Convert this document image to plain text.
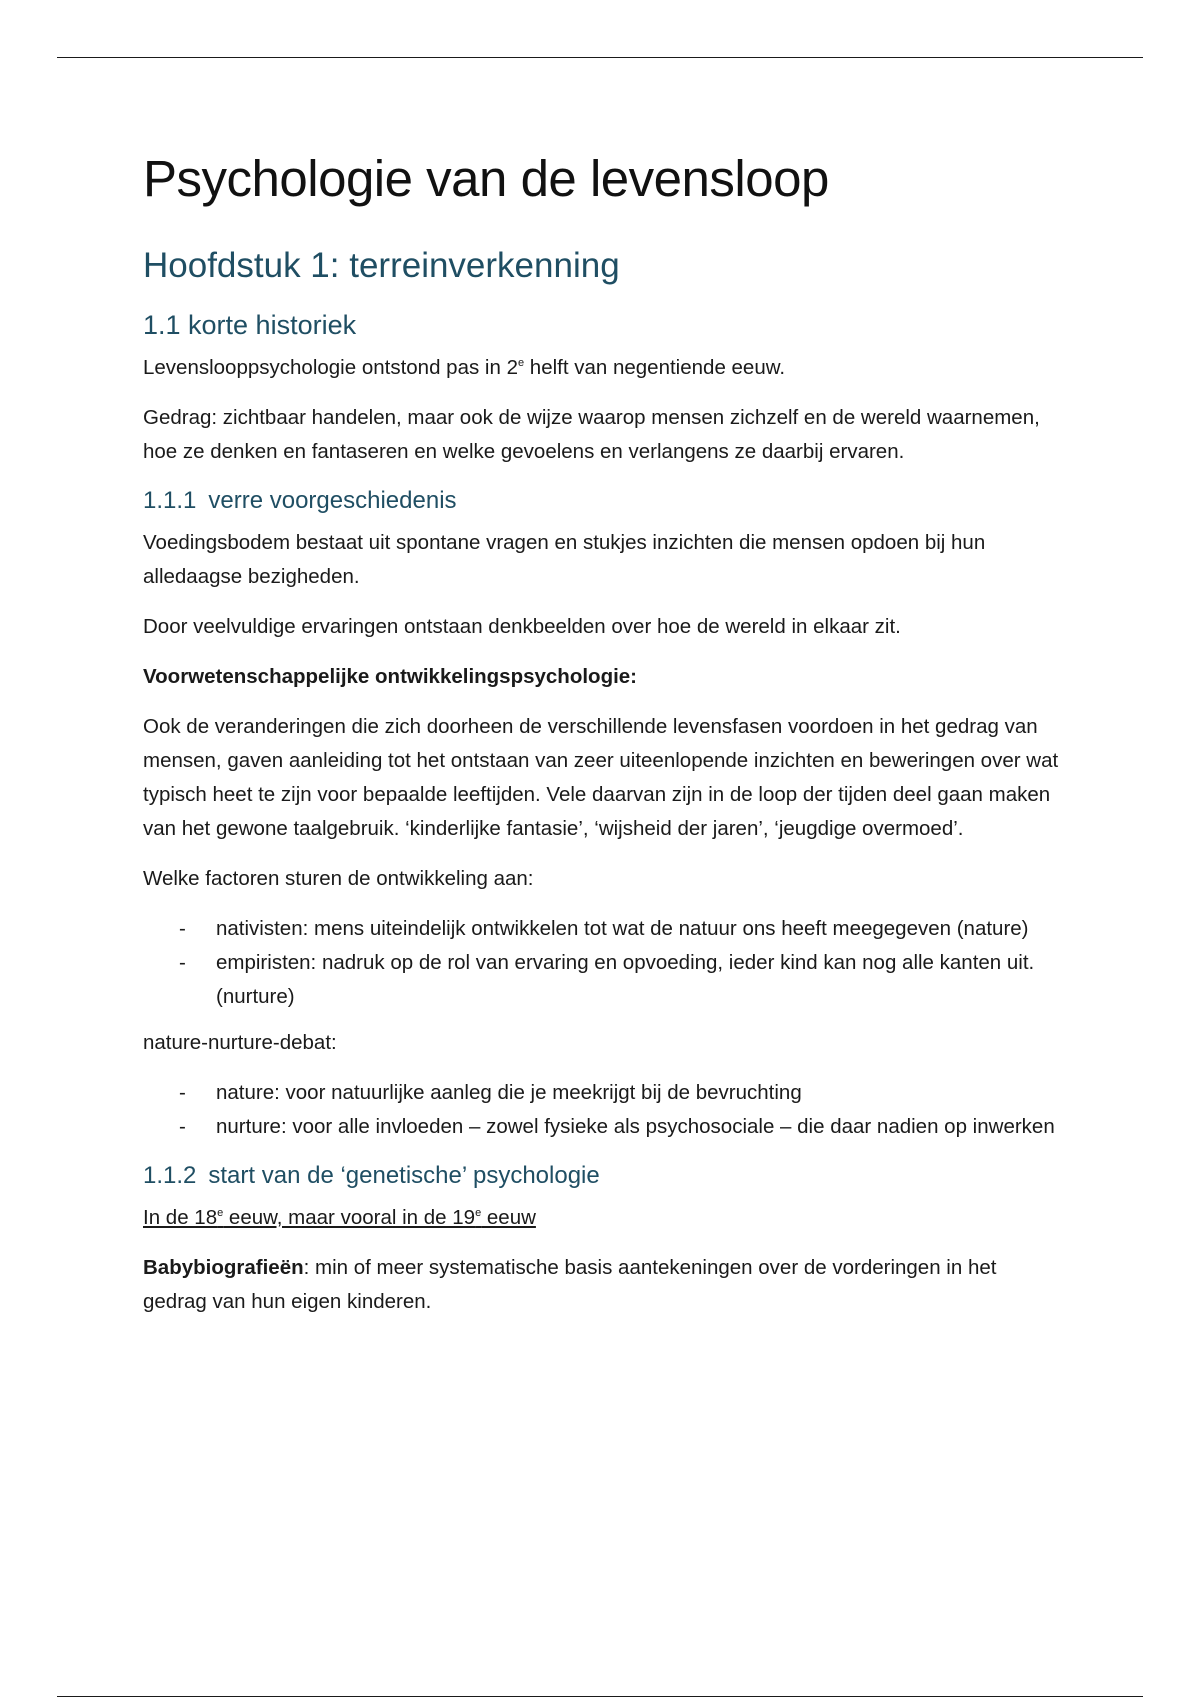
Psychologie van de levensloop
Hoofdstuk 1: terreinverkenning
1.1 korte historiek

Levenslooppsychologie ontstond pas in 2e helft van negentiende eeuw.

Gedrag: zichtbaar handelen, maar ook de wijze waarop mensen zichzelf en de wereld waarnemen, hoe ze denken en fantaseren en welke gevoelens en verlangens ze daarbij ervaren.

1.1.1 verre voorgeschiedenis

Voedingsbodem bestaat uit spontane vragen en stukjes inzichten die mensen opdoen bij hun alledaagse bezigheden.

Door veelvuldige ervaringen ontstaan denkbeelden over hoe de wereld in elkaar zit.

Voorwetenschappelijke ontwikkelingspsychologie:

Ook de veranderingen die zich doorheen de verschillende levensfasen voordoen in het gedrag van mensen, gaven aanleiding tot het ontstaan van zeer uiteenlopende inzichten en beweringen over wat typisch heet te zijn voor bepaalde leeftijden. Vele daarvan zijn in de loop der tijden deel gaan maken van het gewone taalgebruik. ‘kinderlijke fantasie’, ‘wijsheid der jaren’, ‘jeugdige overmoed’.

Welke factoren sturen de ontwikkeling aan:

- nativisten: mens uiteindelijk ontwikkelen tot wat de natuur ons heeft meegegeven (nature)
- empiristen: nadruk op de rol van ervaring en opvoeding, ieder kind kan nog alle kanten uit. (nurture)

nature-nurture-debat:

- nature: voor natuurlijke aanleg die je meekrijgt bij de bevruchting
- nurture: voor alle invloeden – zowel fysieke als psychosociale – die daar nadien op inwerken
1.1.2 start van de ‘genetische’ psychologie

In de 18e eeuw, maar vooral in de 19e eeuw

Babybiografieën: min of meer systematische basis aantekeningen over de vorderingen in het gedrag van hun eigen kinderen.
